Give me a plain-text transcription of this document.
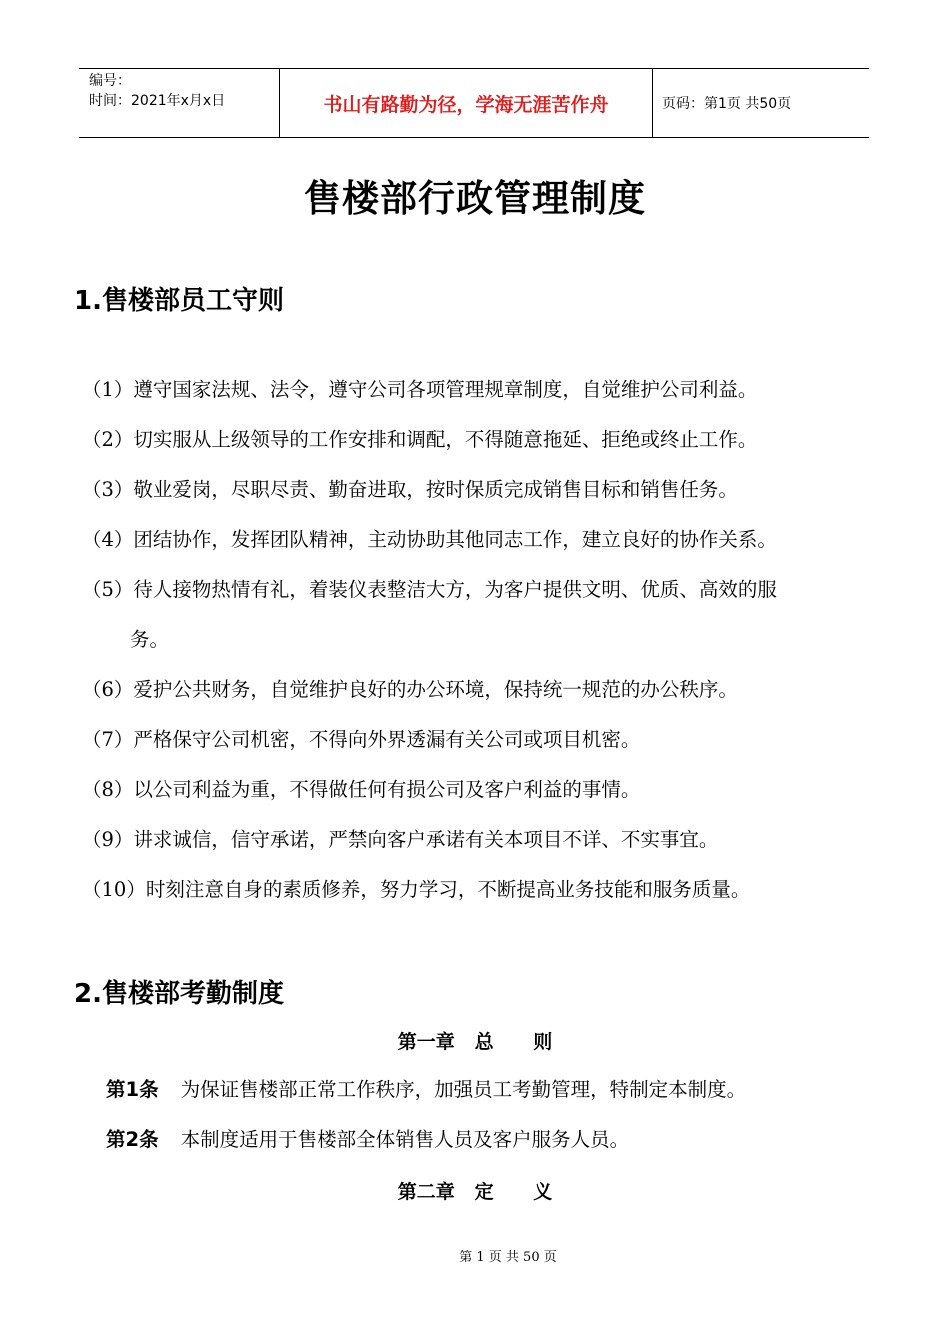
编号：
时间：2021年x月x日	书山有路勤为径，学海无涯苦作舟	页码：第1页 共50页
售楼部行政管理制度
1.售楼部员工守则
（1）遵守国家法规、法令，遵守公司各项管理规章制度，自觉维护公司利益。
（2）切实服从上级领导的工作安排和调配，不得随意拖延、拒绝或终止工作。
（3）敬业爱岗，尽职尽责、勤奋进取，按时保质完成销售目标和销售任务。
（4）团结协作，发挥团队精神，主动协助其他同志工作，建立良好的协作关系。
（5）待人接物热情有礼，着装仪表整洁大方，为客户提供文明、优质、高效的服
务。
（6）爱护公共财务，自觉维护良好的办公环境，保持统一规范的办公秩序。
（7）严格保守公司机密，不得向外界透漏有关公司或项目机密。
（8）以公司利益为重，不得做任何有损公司及客户利益的事情。
（9）讲求诚信，信守承诺，严禁向客户承诺有关本项目不详、不实事宜。
（10）时刻注意自身的素质修养，努力学习，不断提高业务技能和服务质量。
2.售楼部考勤制度
第一章   总      则
第1条 为保证售楼部正常工作秩序，加强员工考勤管理，特制定本制度。
第2条 本制度适用于售楼部全体销售人员及客户服务人员。
第二章   定      义
第 1 页 共 50 页
